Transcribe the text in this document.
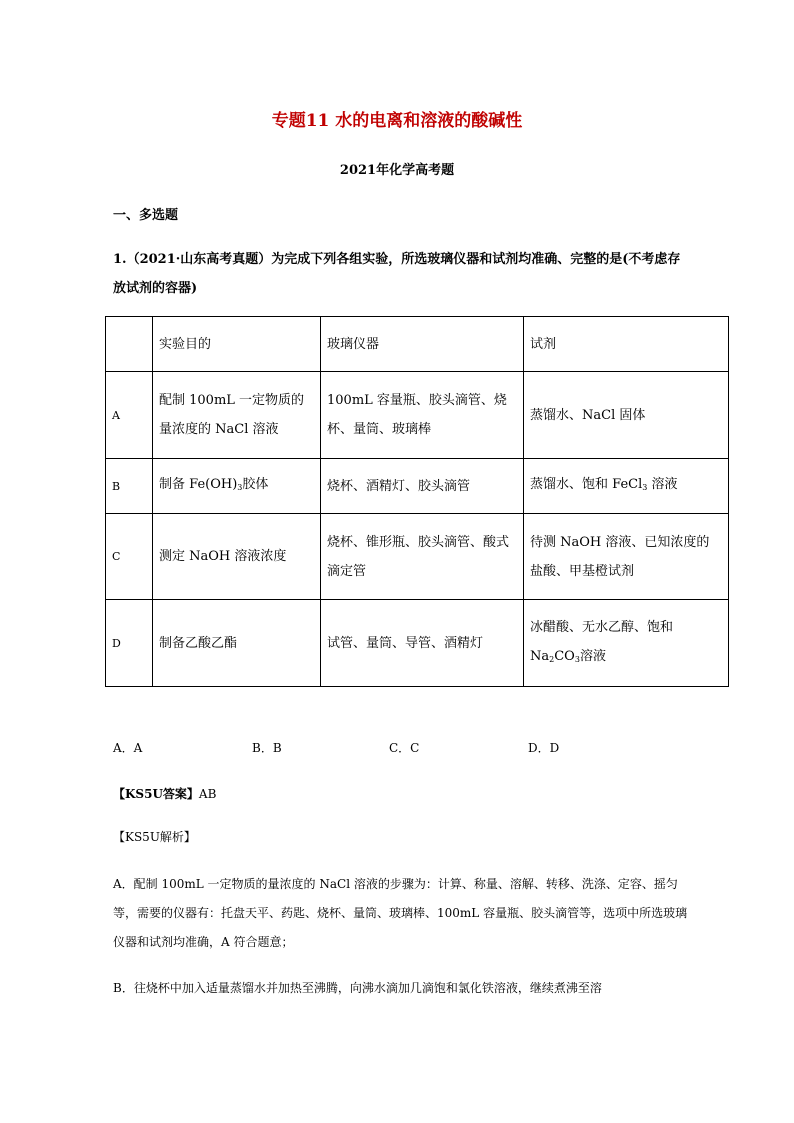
专题11 水的电离和溶液的酸碱性
2021年化学高考题
一、多选题
1.（2021·山东高考真题）为完成下列各组实验，所选玻璃仪器和试剂均准确、完整的是(不考虑存放试剂的容器)
	实验目的	玻璃仪器	试剂
A	配制 100mL 一定物质的量浓度的 NaCl 溶液	100mL 容量瓶、胶头滴管、烧杯、量筒、玻璃棒	蒸馏水、NaCl 固体
B	制备 $Fe(OH)_3$胶体	烧杯、酒精灯、胶头滴管	蒸馏水、饱和 FeCl$_3$ 溶液
C	测定 NaOH 溶液浓度	烧杯、锥形瓶、胶头滴管、酸式滴定管	待测 NaOH 溶液、已知浓度的盐酸、甲基橙试剂
D	制备乙酸乙酯	试管、量筒、导管、酒精灯	冰醋酸、无水乙醇、饱和 $Na_2CO_3$溶液
A．A	B．B	C．C	D．D
【KS5U答案】AB
【KS5U解析】
A．配制 100mL 一定物质的量浓度的 NaCl 溶液的步骤为：计算、称量、溶解、转移、洗涤、定容、摇匀等，需要的仪器有：托盘天平、药匙、烧杯、量筒、玻璃棒、100mL 容量瓶、胶头滴管等，选项中所选玻璃仪器和试剂均准确，A 符合题意；
B．往烧杯中加入适量蒸馏水并加热至沸腾，向沸水滴加几滴饱和氯化铁溶液，继续煮沸至溶
